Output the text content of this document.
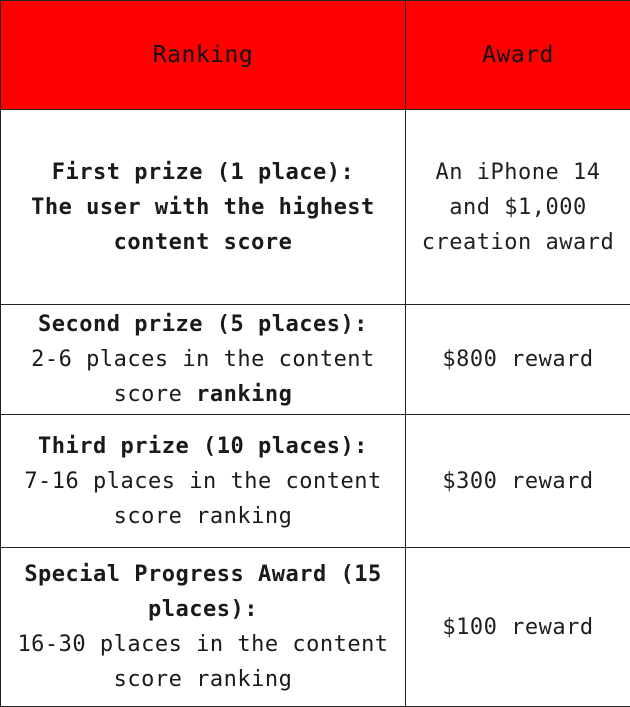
Ranking	Award

First prize (1 place):
The user with the highest
content score	An iPhone 14
and $1,000
creation award

Second prize (5 places):
2-6 places in the content
score ranking	$800 reward

Third prize (10 places):
7-16 places in the content
score ranking	$300 reward

Special Progress Award (15
places):
16-30 places in the content
score ranking	$100 reward
